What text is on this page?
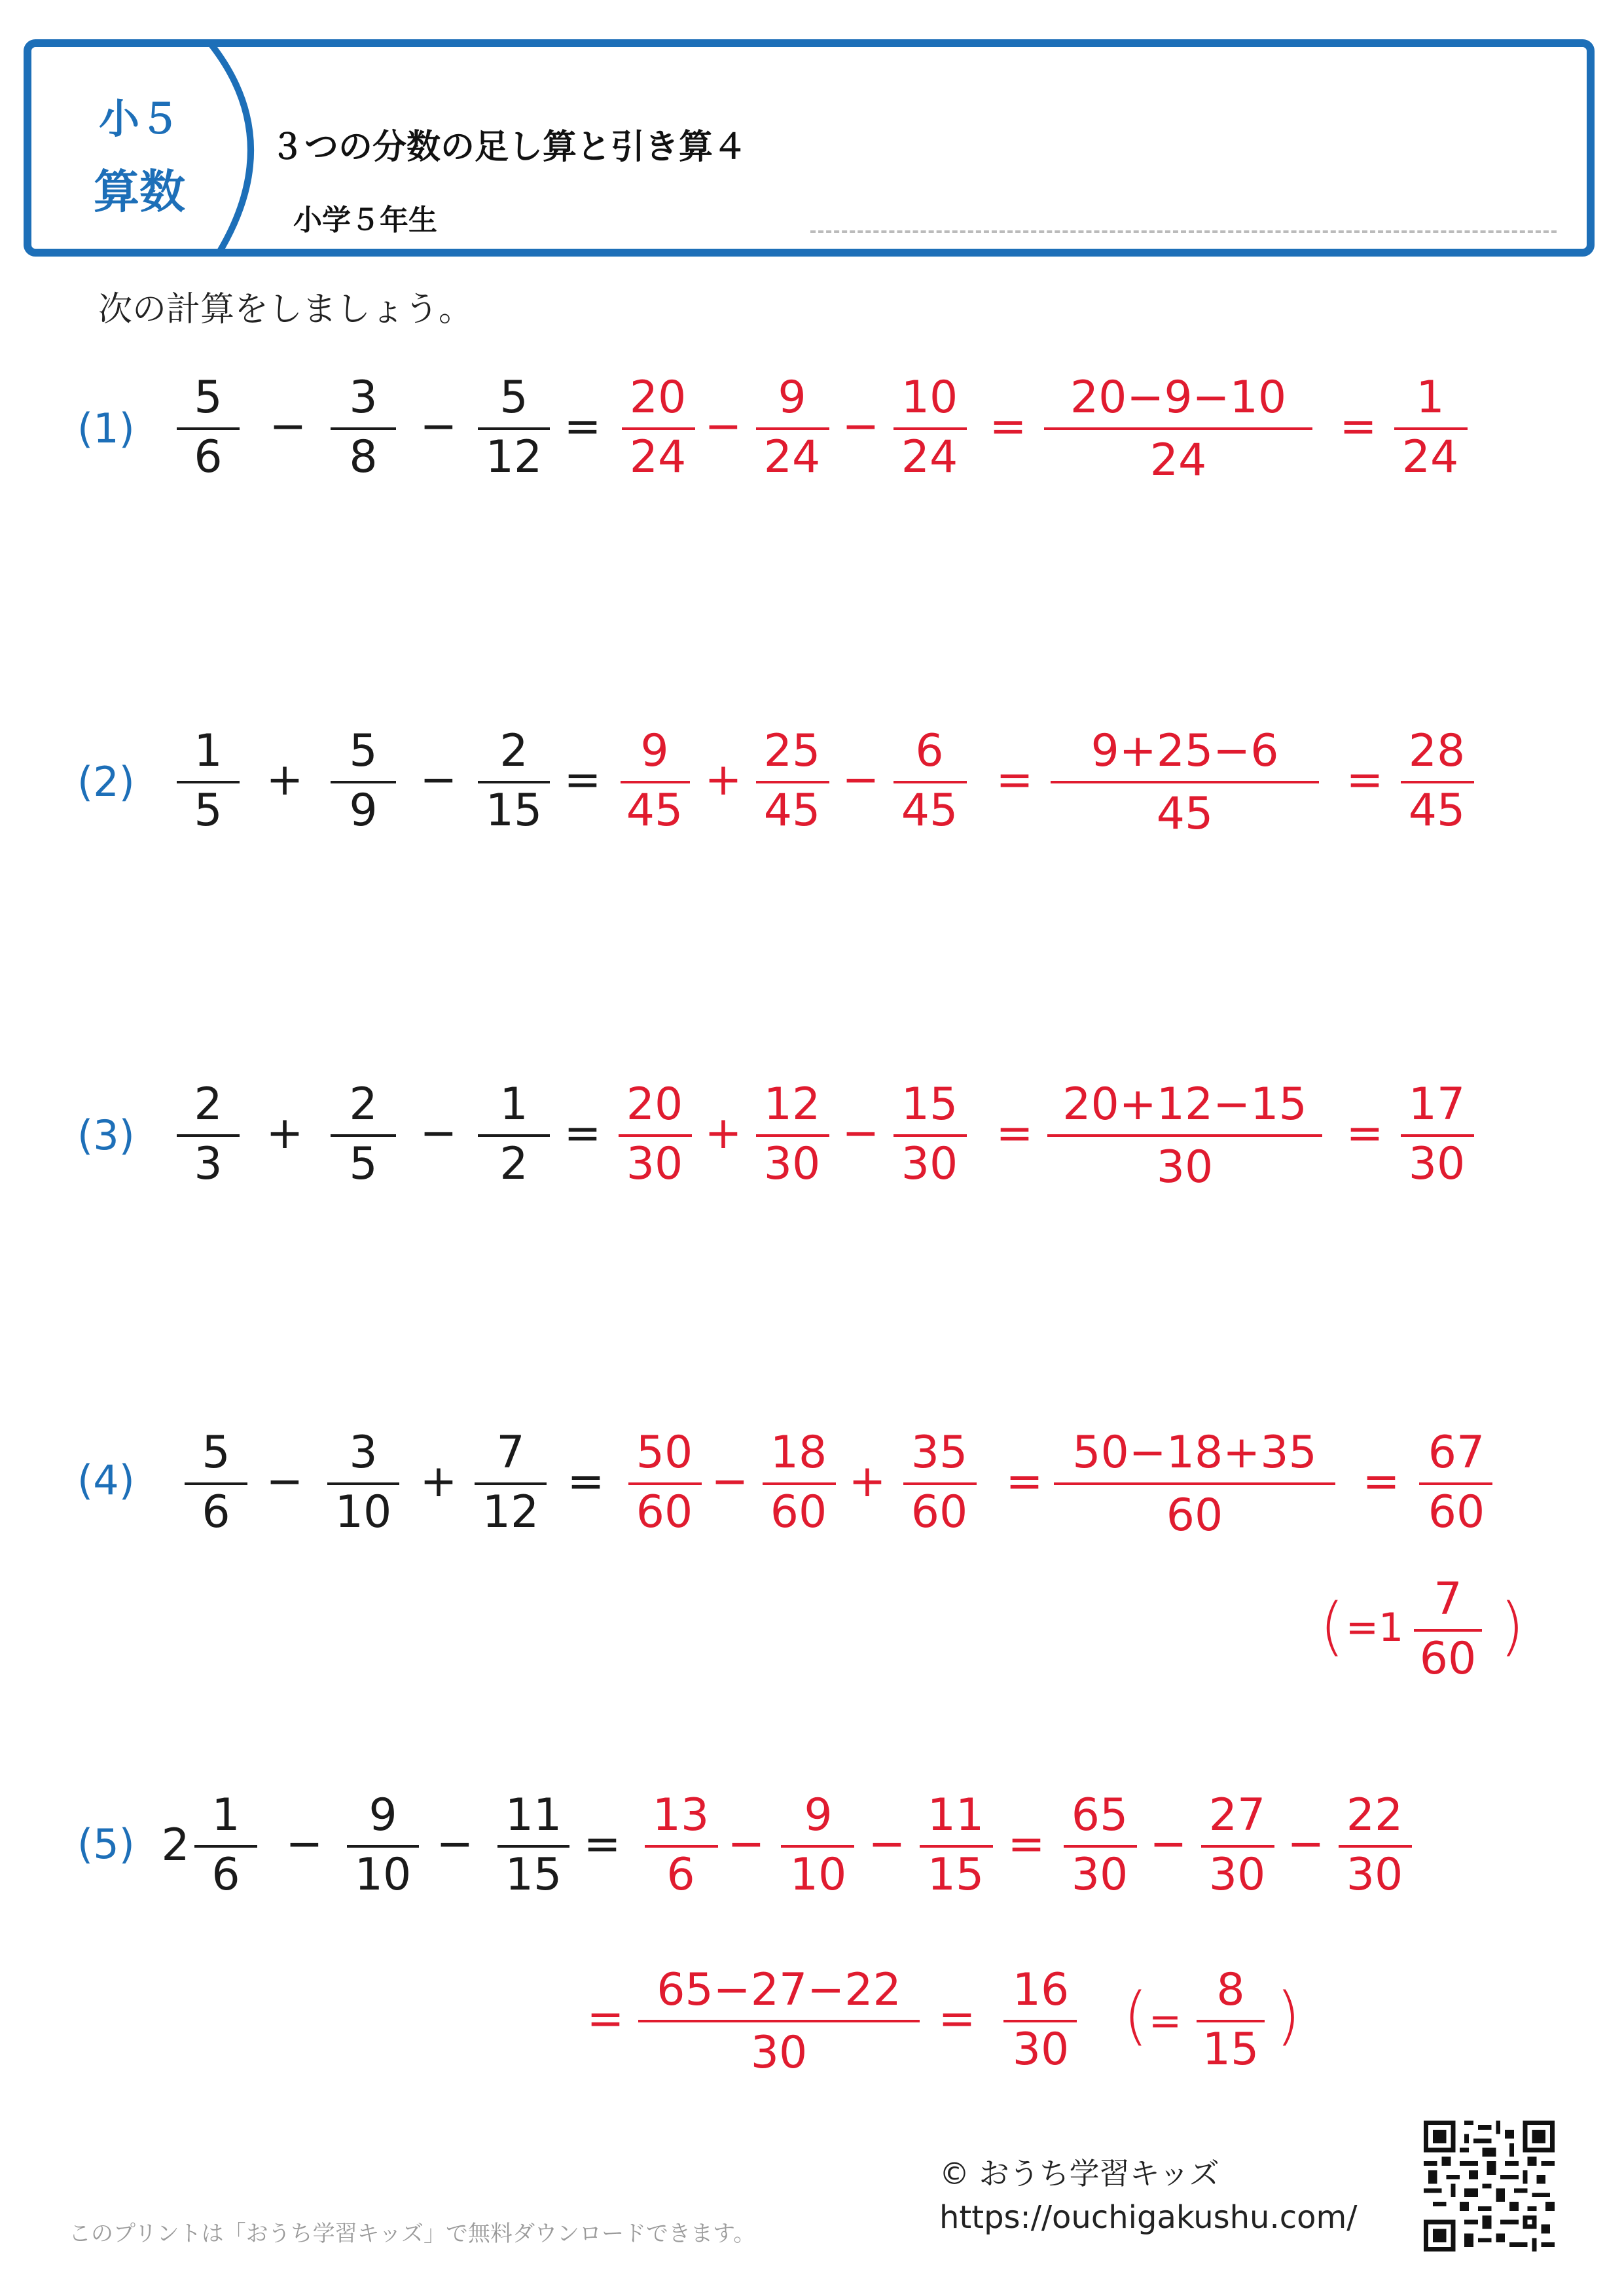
小５
算数
３つの分数の足し算と引き算４
小学５年生
次の計算をしましょう。
(1)
5
6
−
3
8
−
5
12
=
20
24
−
9
24
−
10
24
=
20−9−10
24
=
1
24
(2)
1
5
+
5
9
−
2
15
=
9
45
+
25
45
−
6
45
=
9+25−6
45
=
28
45
(3)
2
3
+
2
5
−
1
2
=
20
30
+
12
30
−
15
30
=
20+12−15
30
=
17
30
(4)
5
6
−
3
10
+
7
12
=
50
60
−
18
60
+
35
60
=
50−18+35
60
=
67
60
( =1
7
60 )
(5) 2
1
6
−
9
10
−
11
15
=
13
6
−
9
10
−
11
15
=
65
30
−
27
30
−
22
30
=
65−27−22
30
=
16
30 ( =
8
15 )
© おうち学習キッズ
https://ouchigakushu.com/
このプリントは「おうち学習キッズ」で無料ダウンロードできます。
